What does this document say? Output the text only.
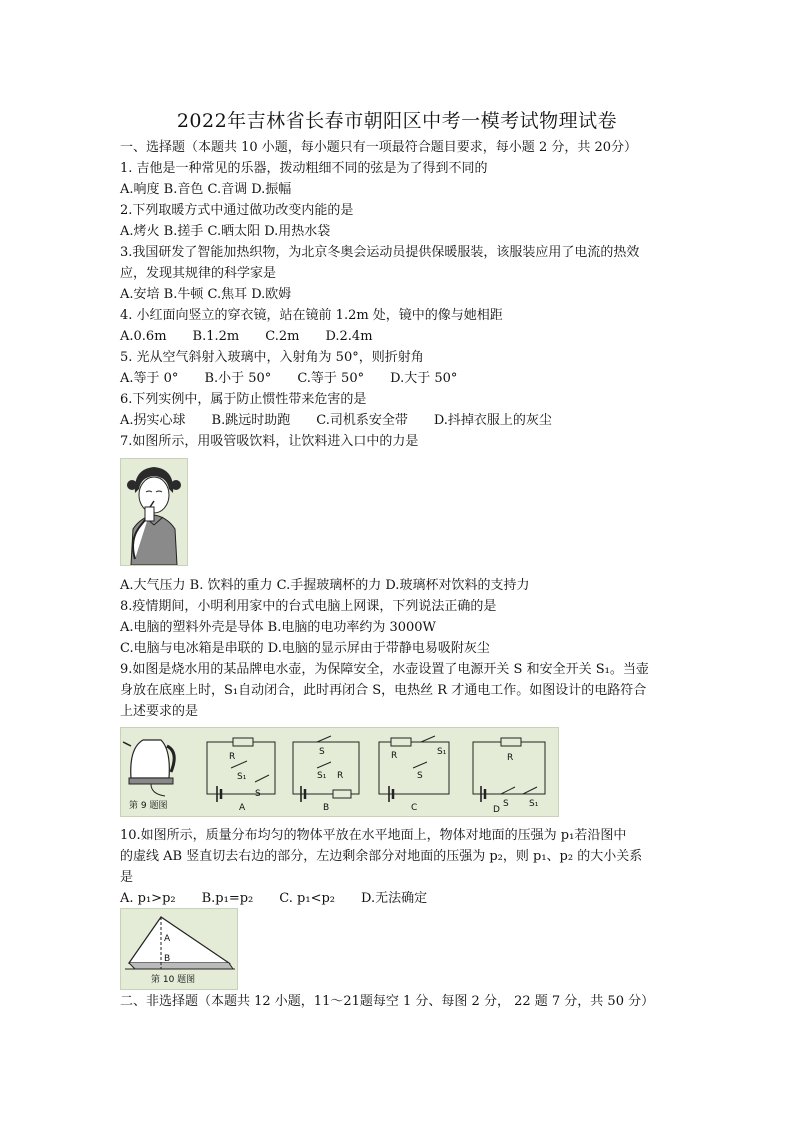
2022年吉林省长春市朝阳区中考一模考试物理试卷
一、选择题（本题共 10 小题，每小题只有一项最符合题目要求，每小题 2 分，共 20分）
1. 吉他是一种常见的乐器，拨动粗细不同的弦是为了得到不同的
A.响度 B.音色 C.音调 D.振幅
2.下列取暖方式中通过做功改变内能的是
A.烤火 B.搓手 C.晒太阳 D.用热水袋
3.我国研发了智能加热织物，为北京冬奥会运动员提供保暖服装，该服装应用了电流的热效
应，发现其规律的科学家是
A.安培 B.牛顿 C.焦耳 D.欧姆
4. 小红面向竖立的穿衣镜，站在镜前 1.2m 处，镜中的像与她相距
A.0.6m B.1.2m C.2m D.2.4m
5. 光从空气斜射入玻璃中，入射角为 50°，则折射角
A.等于 0° B.小于 50° C.等于 50° D.大于 50°
6.下列实例中，属于防止惯性带来危害的是
A.拐实心球 B.跳远时助跑 C.司机系安全带 D.抖掉衣服上的灰尘
7.如图所示，用吸管吸饮料，让饮料进入口中的力是
A.大气压力 B. 饮料的重力 C.手握玻璃杯的力 D.玻璃杯对饮料的支持力
8.疫情期间，小明利用家中的台式电脑上网课，下列说法正确的是
A.电脑的塑料外壳是导体 B.电脑的电功率约为 3000W
C.电脑与电冰箱是串联的 D.电脑的显示屏由于带静电易吸附灰尘
9.如图是烧水用的某品牌电水壶，为保障安全，水壶设置了电源开关 S 和安全开关 S₁。当壶
身放在底座上时，S₁自动闭合，此时再闭合 S，电热丝 R 才通电工作。如图设计的电路符合
上述要求的是
第 9 题图
R
S₁
S
A
S
S₁ R
B
R	S₁
S
C
R
S S₁
D
10.如图所示，质量分布均匀的物体平放在水平地面上，物体对地面的压强为 p₁若沿图中
的虚线 AB 竖直切去右边的部分，左边剩余部分对地面的压强为 p₂，则 p₁、p₂ 的大小关系
是
A. p₁>p₂ B.p₁=p₂ C. p₁<p₂ D.无法确定
A
B
第 10 题图
二、非选择题（本题共 12 小题，11～21题每空 1 分、每图 2 分， 22 题 7 分，共 50 分）
